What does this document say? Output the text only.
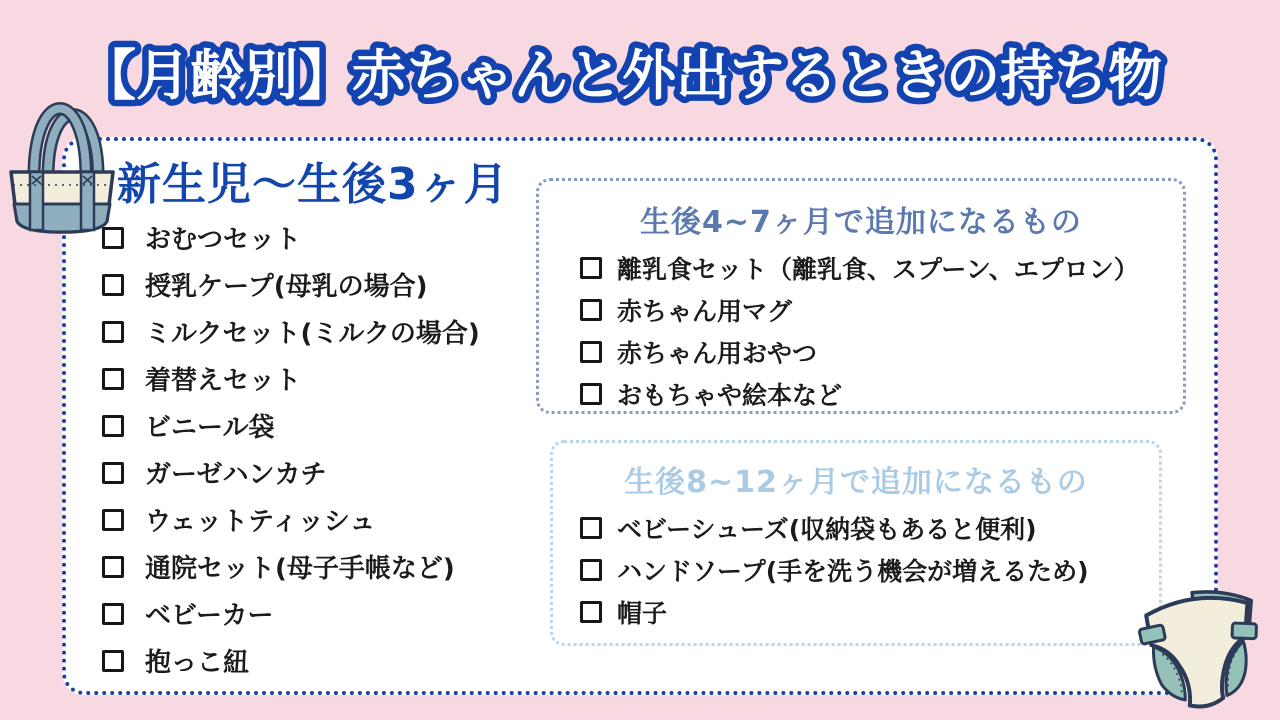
【月齢別】赤ちゃんと外出するときの持ち物
新生児～生後3ヶ月
おむつセット
授乳ケープ(母乳の場合)
ミルクセット(ミルクの場合)
着替えセット
ビニール袋
ガーゼハンカチ
ウェットティッシュ
通院セット(母子手帳など)
ベビーカー
抱っこ紐
生後4~7ヶ月で追加になるもの
離乳食セット（離乳食、スプーン、エプロン）
赤ちゃん用マグ
赤ちゃん用おやつ
おもちゃや絵本など
生後8~12ヶ月で追加になるもの
ベビーシューズ(収納袋もあると便利)
ハンドソープ(手を洗う機会が増えるため)
帽子
